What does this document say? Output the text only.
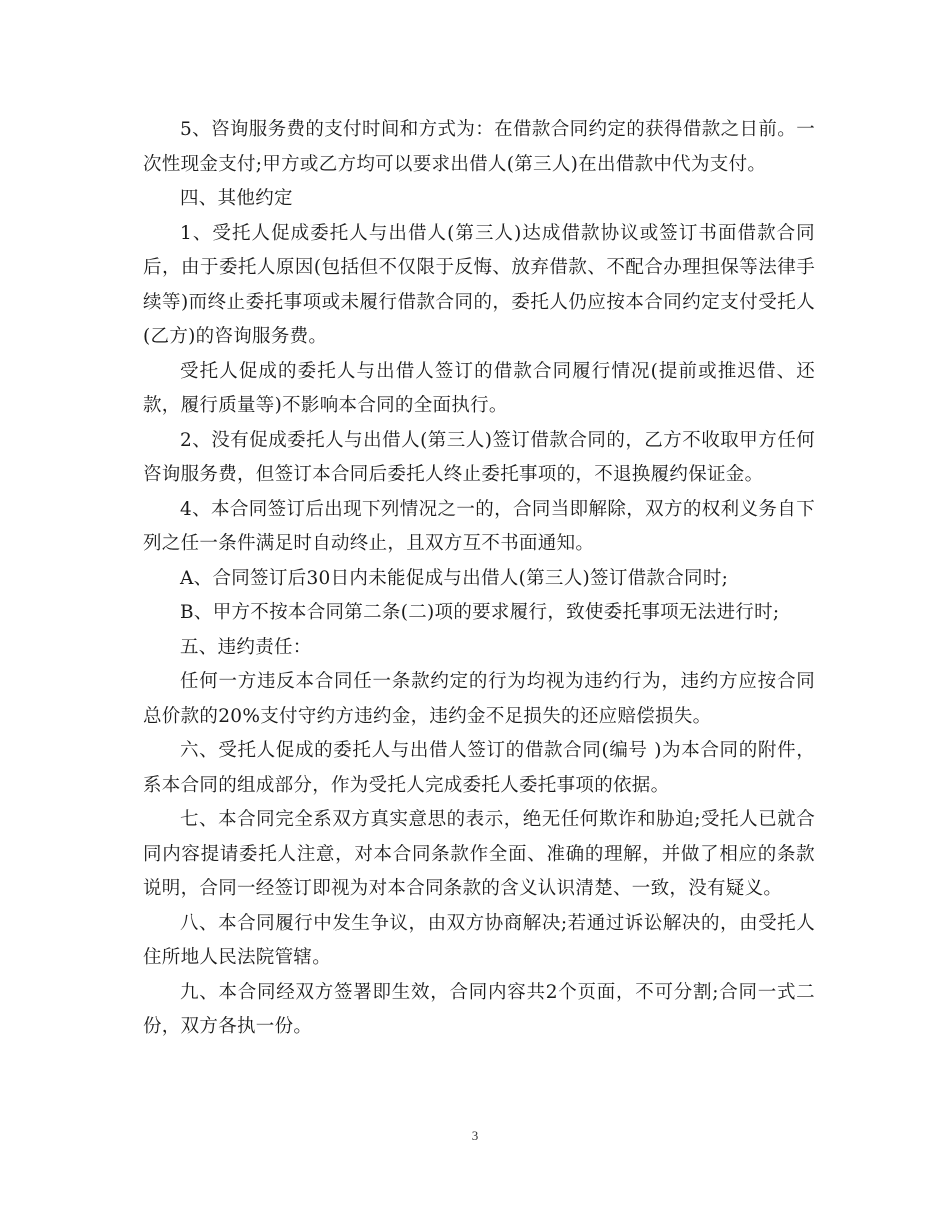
5、咨询服务费的支付时间和方式为：在借款合同约定的获得借款之日前。一次性现金支付;甲方或乙方均可以要求出借人(第三人)在出借款中代为支付。

四、其他约定

1、受托人促成委托人与出借人(第三人)达成借款协议或签订书面借款合同后，由于委托人原因(包括但不仅限于反悔、放弃借款、不配合办理担保等法律手续等)而终止委托事项或未履行借款合同的，委托人仍应按本合同约定支付受托人(乙方)的咨询服务费。

受托人促成的委托人与出借人签订的借款合同履行情况(提前或推迟借、还款，履行质量等)不影响本合同的全面执行。

2、没有促成委托人与出借人(第三人)签订借款合同的，乙方不收取甲方任何咨询服务费，但签订本合同后委托人终止委托事项的，不退换履约保证金。

4、本合同签订后出现下列情况之一的，合同当即解除，双方的权利义务自下列之任一条件满足时自动终止，且双方互不书面通知。

A、合同签订后30日内未能促成与出借人(第三人)签订借款合同时;

B、甲方不按本合同第二条(二)项的要求履行，致使委托事项无法进行时;

五、违约责任：

任何一方违反本合同任一条款约定的行为均视为违约行为，违约方应按合同总价款的20%支付守约方违约金，违约金不足损失的还应赔偿损失。

六、受托人促成的委托人与出借人签订的借款合同(编号 )为本合同的附件，系本合同的组成部分，作为受托人完成委托人委托事项的依据。

七、本合同完全系双方真实意思的表示，绝无任何欺诈和胁迫;受托人已就合同内容提请委托人注意，对本合同条款作全面、准确的理解，并做了相应的条款说明，合同一经签订即视为对本合同条款的含义认识清楚、一致，没有疑义。

八、本合同履行中发生争议，由双方协商解决;若通过诉讼解决的，由受托人住所地人民法院管辖。

九、本合同经双方签署即生效，合同内容共2个页面，不可分割;合同一式二份，双方各执一份。

3
